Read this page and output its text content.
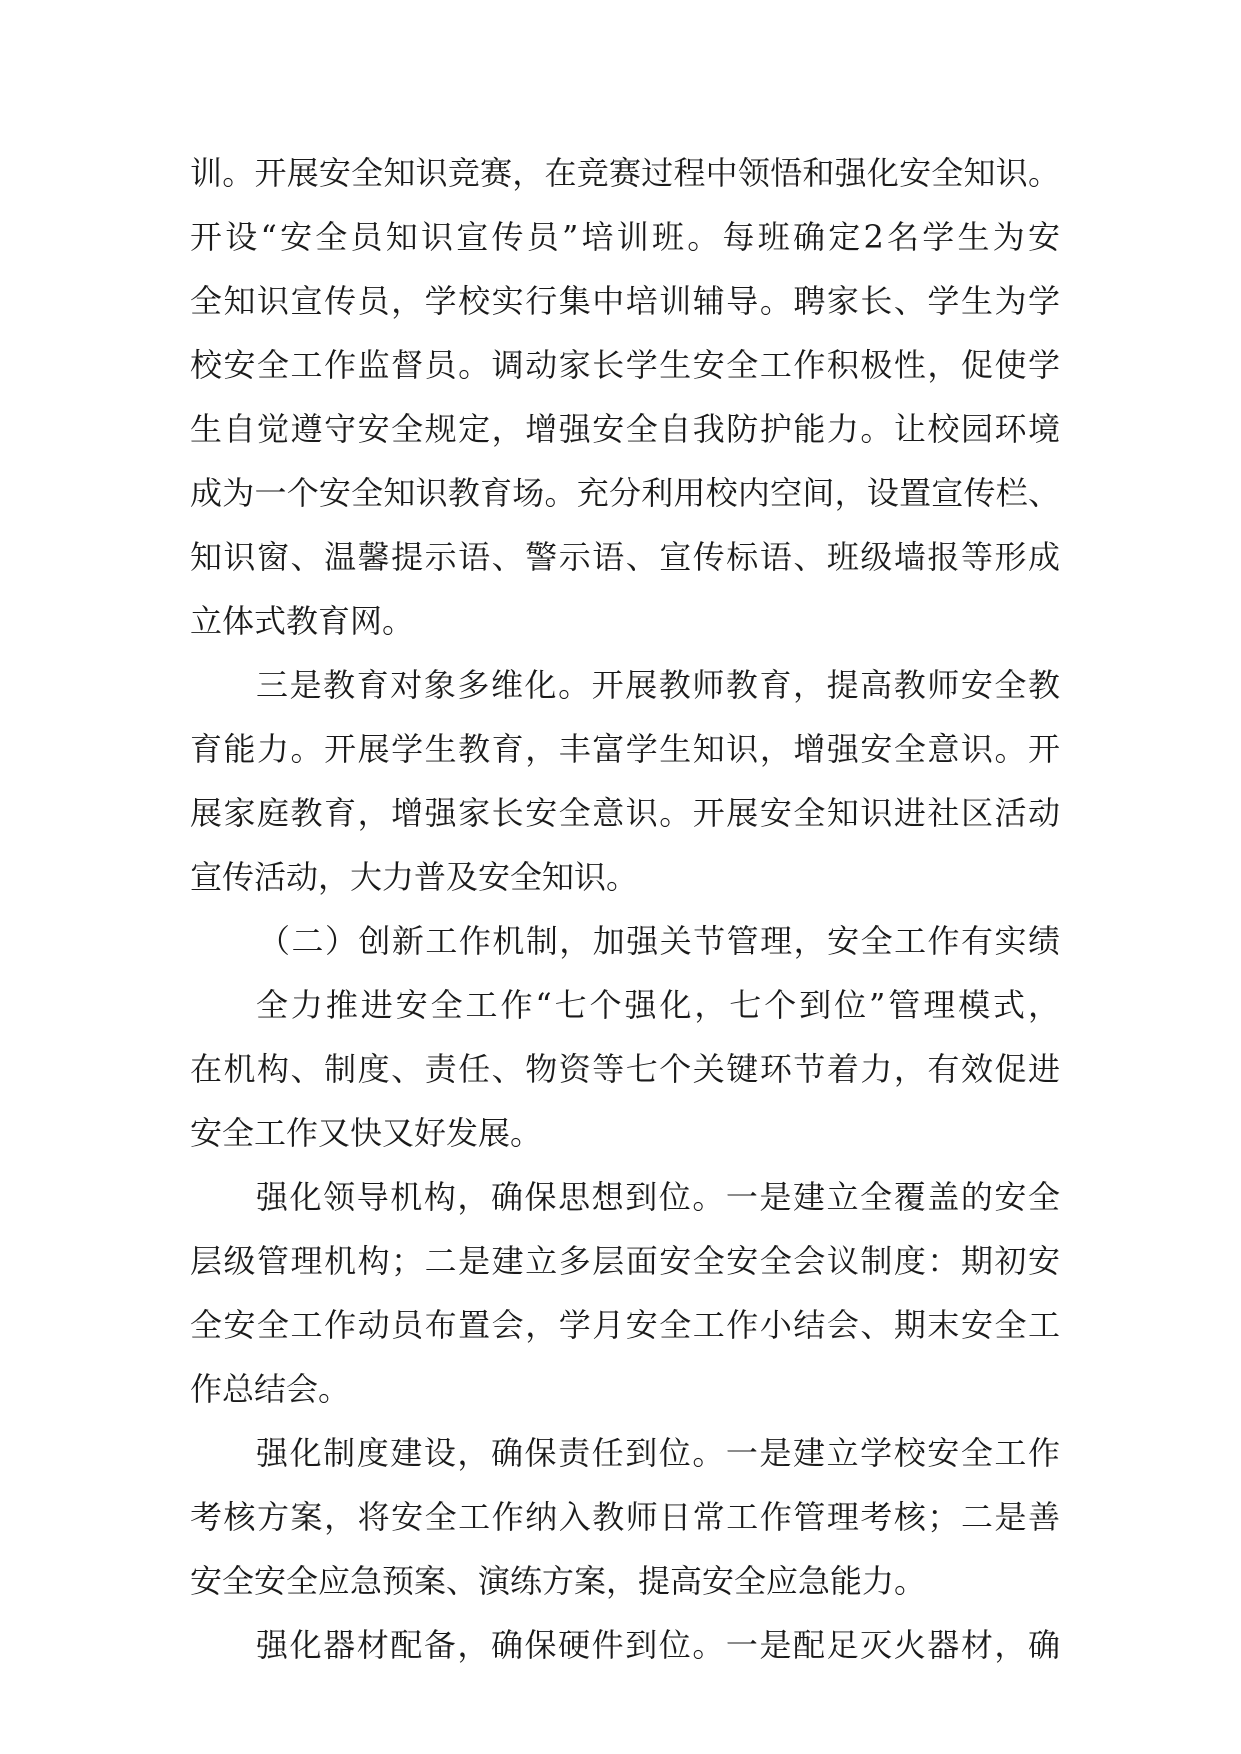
训。开展安全知识竞赛，在竞赛过程中领悟和强化安全知识。
开设“安全员知识宣传员”培训班。每班确定2名学生为安
全知识宣传员，学校实行集中培训辅导。聘家长、学生为学
校安全工作监督员。调动家长学生安全工作积极性，促使学
生自觉遵守安全规定，增强安全自我防护能力。让校园环境
成为一个安全知识教育场。充分利用校内空间，设置宣传栏、
知识窗、温馨提示语、警示语、宣传标语、班级墙报等形成
立体式教育网。
三是教育对象多维化。开展教师教育，提高教师安全教
育能力。开展学生教育，丰富学生知识，增强安全意识。开
展家庭教育，增强家长安全意识。开展安全知识进社区活动
宣传活动，大力普及安全知识。
（二）创新工作机制，加强关节管理，安全工作有实绩
全力推进安全工作“七个强化，七个到位”管理模式，
在机构、制度、责任、物资等七个关键环节着力，有效促进
安全工作又快又好发展。
强化领导机构，确保思想到位。一是建立全覆盖的安全
层级管理机构；二是建立多层面安全安全会议制度：期初安
全安全工作动员布置会，学月安全工作小结会、期末安全工
作总结会。
强化制度建设，确保责任到位。一是建立学校安全工作
考核方案，将安全工作纳入教师日常工作管理考核；二是善
安全安全应急预案、演练方案，提高安全应急能力。
强化器材配备，确保硬件到位。一是配足灭火器材，确
